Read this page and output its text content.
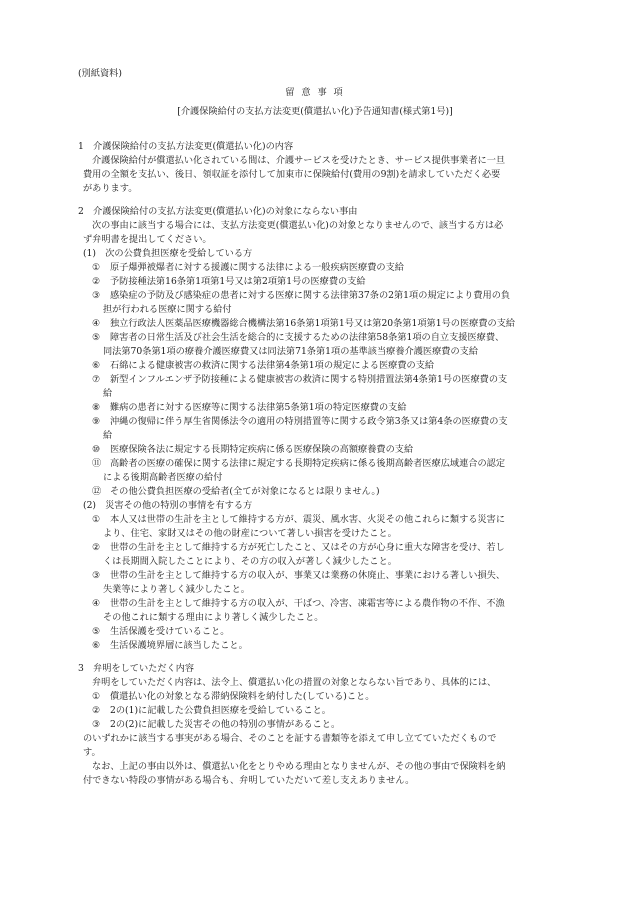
(別紙資料)
留 意 事 項
[介護保険給付の支払方法変更(償還払い化)予告通知書(様式第1号)]
1　介護保険給付の支払方法変更(償還払い化)の内容
介護保険給付が償還払い化されている間は、介護サービスを受けたとき、サービス提供事業者に一旦
費用の全額を支払い、後日、領収証を添付して加東市に保険給付(費用の9割)を請求していただく必要
があります。
2　介護保険給付の支払方法変更(償還払い化)の対象にならない事由
次の事由に該当する場合には、支払方法変更(償還払い化)の対象となりませんので、該当する方は必
ず弁明書を提出してください。
(1)　次の公費負担医療を受給している方
① 原子爆弾被爆者に対する援護に関する法律による一般疾病医療費の支給
② 予防接種法第16条第1項第1号又は第2項第1号の医療費の支給
③ 感染症の予防及び感染症の患者に対する医療に関する法律第37条の2第1項の規定により費用の負
担が行われる医療に関する給付
④ 独立行政法人医薬品医療機器総合機構法第16条第1項第1号又は第20条第1項第1号の医療費の支給
⑤ 障害者の日常生活及び社会生活を総合的に支援するための法律第58条第1項の自立支援医療費、
同法第70条第1項の療養介護医療費又は同法第71条第1項の基準該当療養介護医療費の支給
⑥ 石綿による健康被害の救済に関する法律第4条第1項の規定による医療費の支給
⑦ 新型インフルエンザ予防接種による健康被害の救済に関する特別措置法第4条第1号の医療費の支
給
⑧ 難病の患者に対する医療等に関する法律第5条第1項の特定医療費の支給
⑨ 沖縄の復帰に伴う厚生省関係法令の適用の特別措置等に関する政令第3条又は第4条の医療費の支
給
⑩ 医療保険各法に規定する長期特定疾病に係る医療保険の高額療養費の支給
⑪ 高齢者の医療の確保に関する法律に規定する長期特定疾病に係る後期高齢者医療広域連合の認定
による後期高齢者医療の給付
⑫ その他公費負担医療の受給者(全てが対象になるとは限りません。)
(2)　災害その他の特別の事情を有する方
① 本人又は世帯の生計を主として維持する方が、震災、風水害、火災その他これらに類する災害に
より、住宅、家財又はその他の財産について著しい損害を受けたこと。
② 世帯の生計を主として維持する方が死亡したこと、又はその方が心身に重大な障害を受け、若し
くは長期間入院したことにより、その方の収入が著しく減少したこと。
③ 世帯の生計を主として維持する方の収入が、事業又は業務の休廃止、事業における著しい損失、
失業等により著しく減少したこと。
④ 世帯の生計を主として維持する方の収入が、干ばつ、冷害、凍霜害等による農作物の不作、不漁
その他これに類する理由により著しく減少したこと。
⑤ 生活保護を受けていること。
⑥ 生活保護境界層に該当したこと。
3　弁明をしていただく内容
弁明をしていただく内容は、法令上、償還払い化の措置の対象とならない旨であり、具体的には、
① 償還払い化の対象となる滞納保険料を納付した(している)こと。
② 2の(1)に記載した公費負担医療を受給していること。
③ 2の(2)に記載した災害その他の特別の事情があること。
のいずれかに該当する事実がある場合、そのことを証する書類等を添えて申し立てていただくもので
す。
なお、上記の事由以外は、償還払い化をとりやめる理由となりませんが、その他の事由で保険料を納
付できない特段の事情がある場合も、弁明していただいて差し支えありません。
